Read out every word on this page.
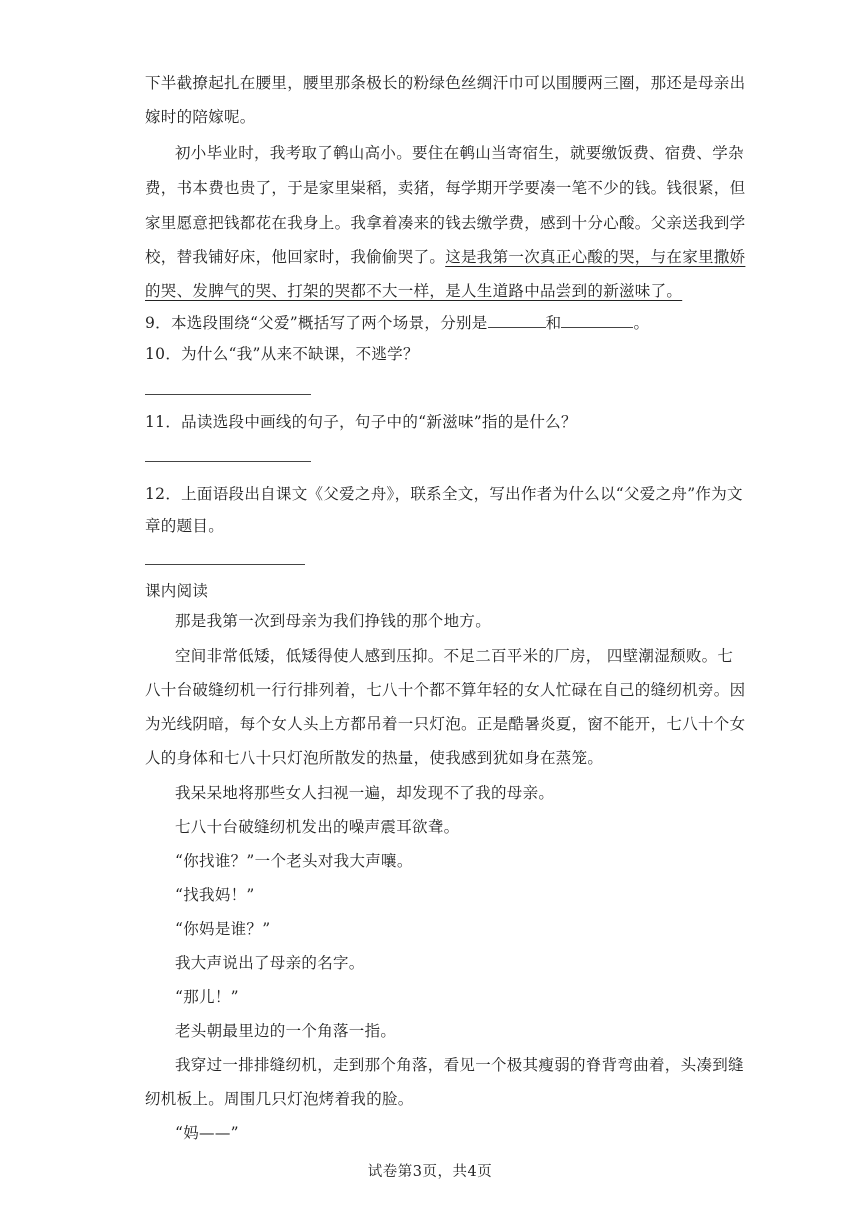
下半截撩起扎在腰里，腰里那条极长的粉绿色丝绸汗巾可以围腰两三圈，那还是母亲出
嫁时的陪嫁呢。
初小毕业时，我考取了鹌山高小。要住在鹌山当寄宿生，就要缴饭费、宿费、学杂
费，书本费也贵了，于是家里粜稻，卖猪，每学期开学要凑一笔不少的钱。钱很紧，但
家里愿意把钱都花在我身上。我拿着凑来的钱去缴学费，感到十分心酸。父亲送我到学
校，替我铺好床，他回家时，我偷偷哭了。这是我第一次真正心酸的哭，与在家里撒娇
的哭、发脾气的哭、打架的哭都不大一样，是人生道路中品尝到的新滋味了。
9．本选段围绕“父爱”概括写了两个场景，分别是	和	。
10．为什么“我”从来不缺课，不逃学？
11．品读选段中画线的句子，句子中的“新滋味”指的是什么？
12．上面语段出自课文《父爱之舟》，联系全文，写出作者为什么以“父爱之舟”作为文
章的题目。
课内阅读
那是我第一次到母亲为我们挣钱的那个地方。
空间非常低矮，低矮得使人感到压抑。不足二百平米的厂房， 四壁潮湿颓败。七
八十台破缝纫机一行行排列着，七八十个都不算年轻的女人忙碌在自己的缝纫机旁。因
为光线阴暗，每个女人头上方都吊着一只灯泡。正是酷暑炎夏，窗不能开，七八十个女
人的身体和七八十只灯泡所散发的热量，使我感到犹如身在蒸笼。
我呆呆地将那些女人扫视一遍，却发现不了我的母亲。
七八十台破缝纫机发出的噪声震耳欲聋。
“你找谁？”一个老头对我大声嚷。
“找我妈！”
“你妈是谁？”
我大声说出了母亲的名字。
“那儿！”
老头朝最里边的一个角落一指。
我穿过一排排缝纫机，走到那个角落，看见一个极其瘦弱的脊背弯曲着，头凑到缝
纫机板上。周围几只灯泡烤着我的脸。
“妈——”
试卷第3页，共4页
